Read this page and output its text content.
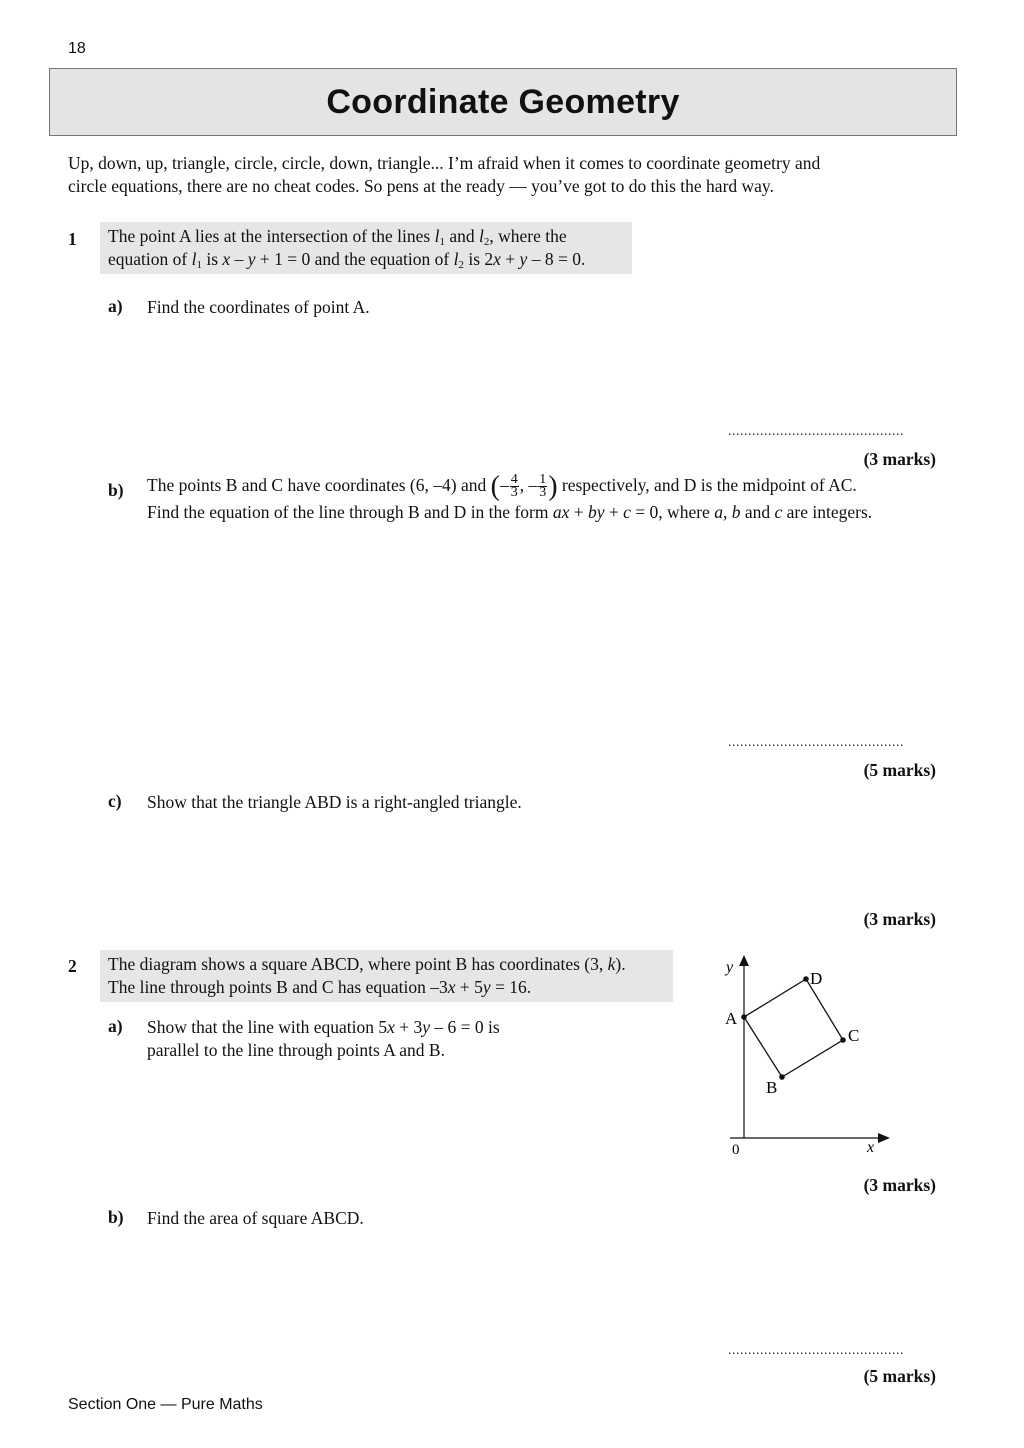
18
Coordinate Geometry
Up, down, up, triangle, circle, circle, down, triangle... I’m afraid when it comes to coordinate geometry and
circle equations, there are no cheat codes. So pens at the ready — you’ve got to do this the hard way.
1 The point A lies at the intersection of the lines $l_1$ and $l_2$, where the
equation of $l_1$ is x – y + 1 = 0 and the equation of $l_2$ is 2x + y – 8 = 0.
a) Find the coordinates of point A.
............................................
(3 marks)
b) The points B and C have coordinates (6, –4) and (– $\frac{4}{3}$ , – $\frac{1}{3}$ ) respectively, and D is the midpoint of AC.
Find the equation of the line through B and D in the form ax + by + c = 0, where a, b and c are integers.
............................................
(5 marks)
c) Show that the triangle ABD is a right-angled triangle.
(3 marks)
2 The diagram shows a square ABCD, where point B has coordinates (3, k).
The line through points B and C has equation –3x + 5y = 16.
a) Show that the line with equation 5x + 3y – 6 = 0 is
parallel to the line through points A and B.
(3 marks)
y
x
0
A
B
C
D
b) Find the area of square ABCD.
............................................
(5 marks)
Section One — Pure Maths
